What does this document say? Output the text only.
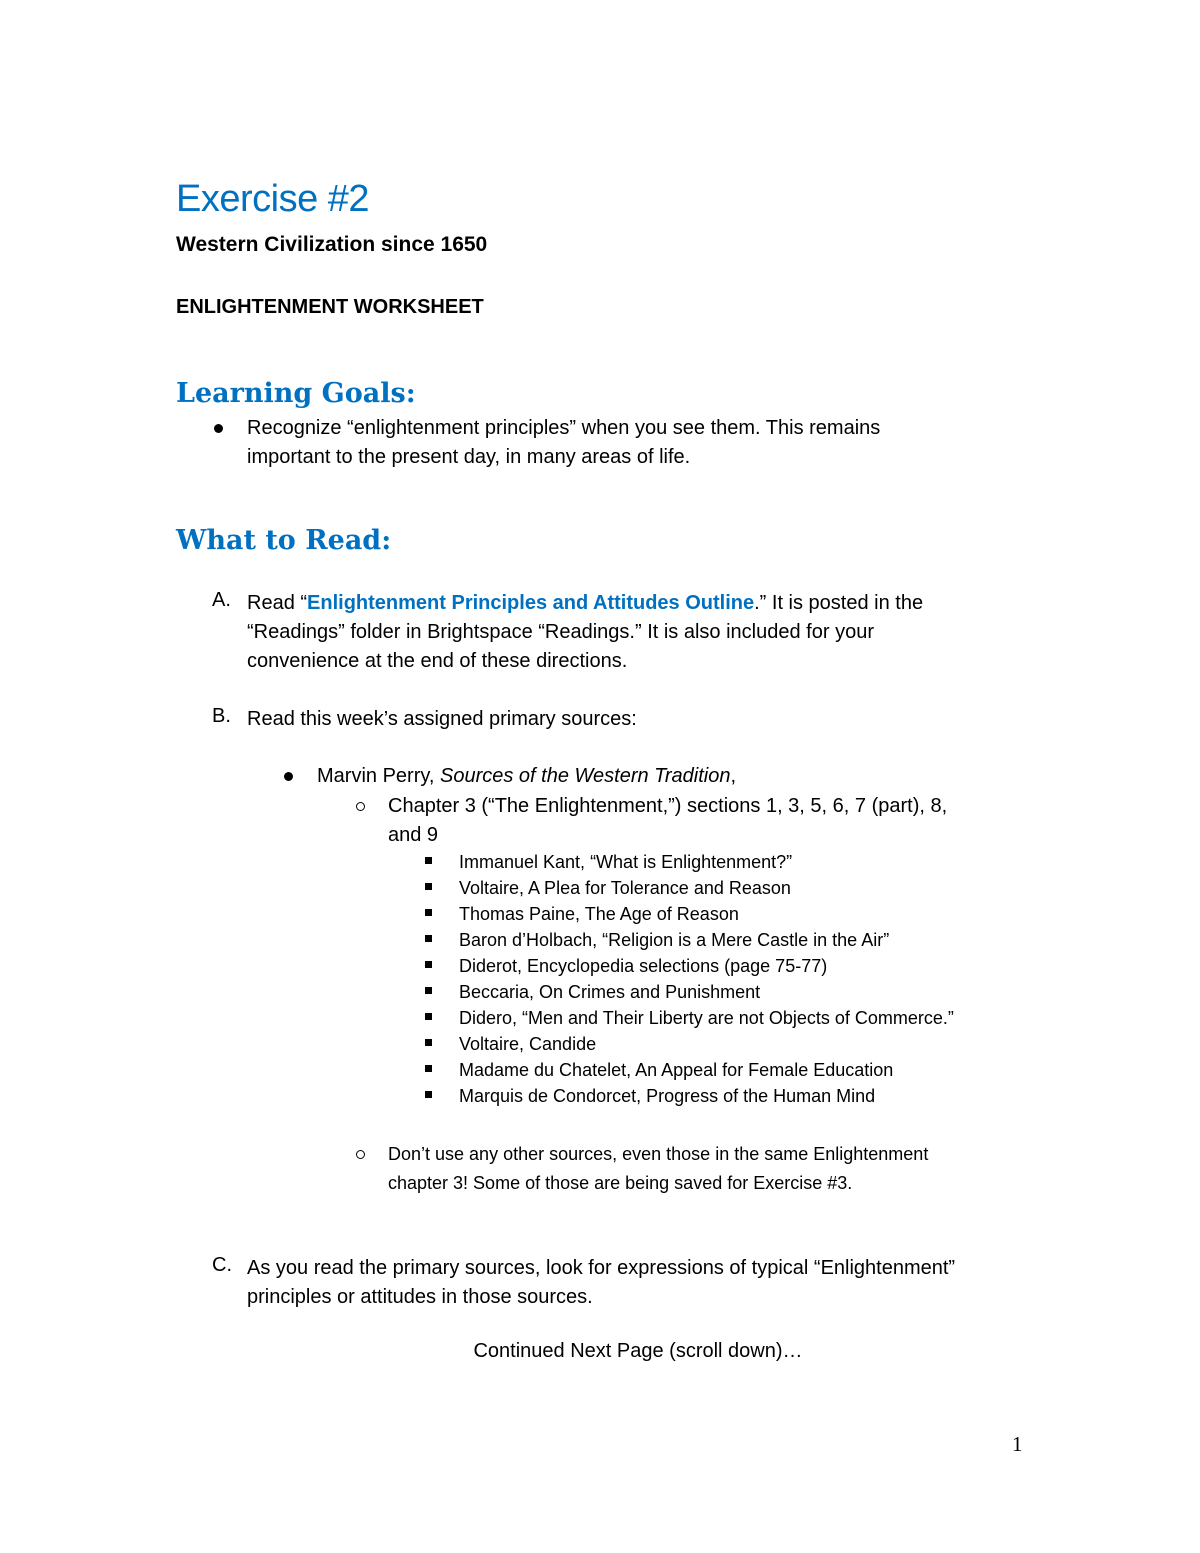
Exercise #2
Western Civilization since 1650
ENLIGHTENMENT WORKSHEET
Learning Goals:
Recognize “enlightenment principles” when you see them. This remains
important to the present day, in many areas of life.
What to Read:
A. Read “Enlightenment Principles and Attitudes Outline.” It is posted in the
“Readings” folder in Brightspace “Readings.” It is also included for your
convenience at the end of these directions.
B. Read this week’s assigned primary sources:
Marvin Perry, Sources of the Western Tradition,
Chapter 3 (“The Enlightenment,”) sections 1, 3, 5, 6, 7 (part), 8,
and 9
Immanuel Kant, “What is Enlightenment?”
Voltaire, A Plea for Tolerance and Reason
Thomas Paine, The Age of Reason
Baron d’Holbach, “Religion is a Mere Castle in the Air”
Diderot, Encyclopedia selections (page 75-77)
Beccaria, On Crimes and Punishment
Didero, “Men and Their Liberty are not Objects of Commerce.”
Voltaire, Candide
Madame du Chatelet, An Appeal for Female Education
Marquis de Condorcet, Progress of the Human Mind
Don’t use any other sources, even those in the same Enlightenment
chapter 3! Some of those are being saved for Exercise #3.
C. As you read the primary sources, look for expressions of typical “Enlightenment”
principles or attitudes in those sources.
Continued Next Page (scroll down)…
1
